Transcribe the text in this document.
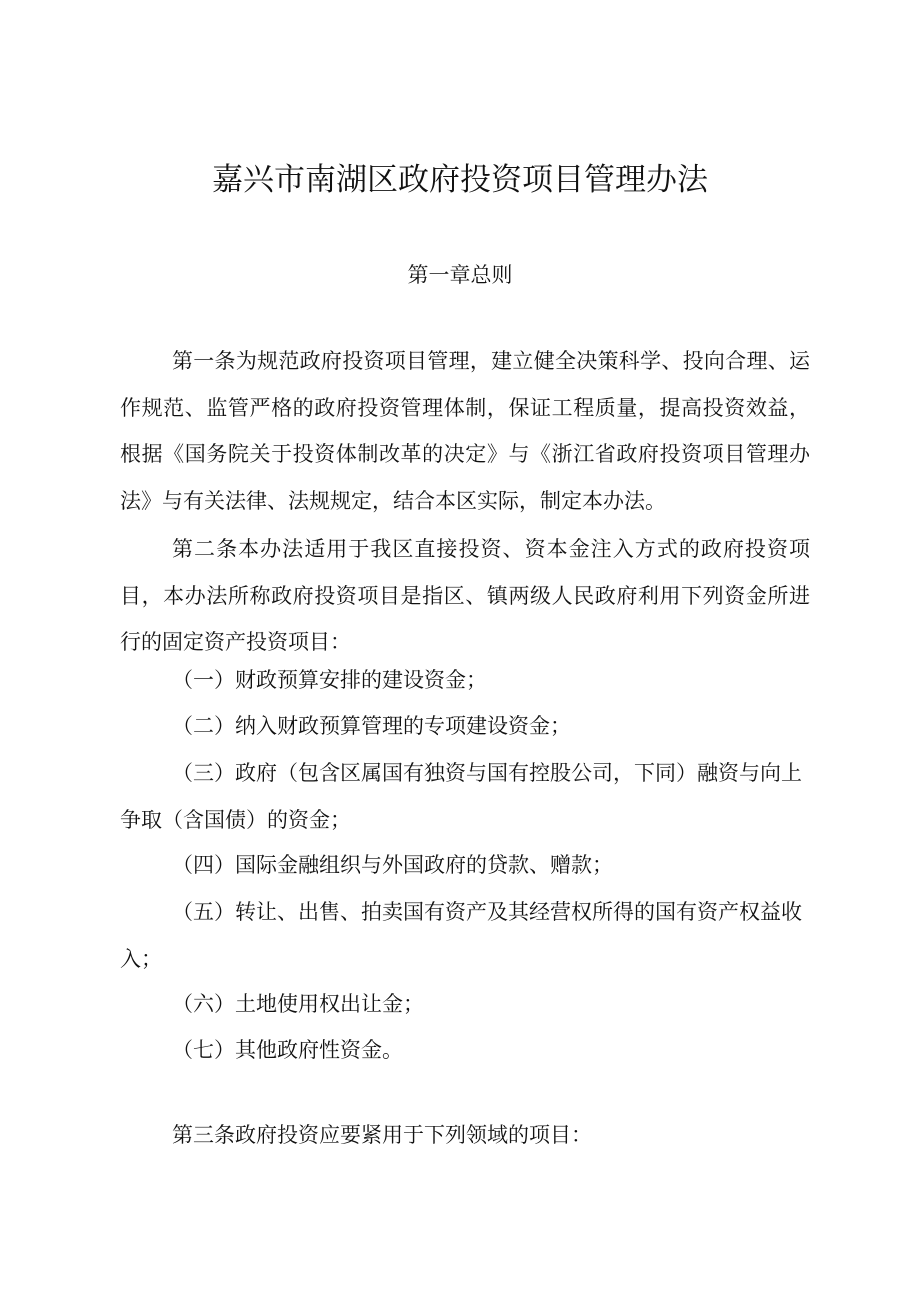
嘉兴市南湖区政府投资项目管理办法
第一章总则

第一条为规范政府投资项目管理，建立健全决策科学、投向合理、运作规范、监管严格的政府投资管理体制，保证工程质量，提高投资效益，根据《国务院关于投资体制改革的决定》与《浙江省政府投资项目管理办法》与有关法律、法规规定，结合本区实际，制定本办法。

第二条本办法适用于我区直接投资、资本金注入方式的政府投资项目，本办法所称政府投资项目是指区、镇两级人民政府利用下列资金所进行的固定资产投资项目：

（一）财政预算安排的建设资金；

（二）纳入财政预算管理的专项建设资金；

（三）政府（包含区属国有独资与国有控股公司，下同）融资与向上争取（含国债）的资金；

（四）国际金融组织与外国政府的贷款、赠款；

（五）转让、出售、拍卖国有资产及其经营权所得的国有资产权益收入；

（六）土地使用权出让金；

（七）其他政府性资金。

第三条政府投资应要紧用于下列领域的项目：
